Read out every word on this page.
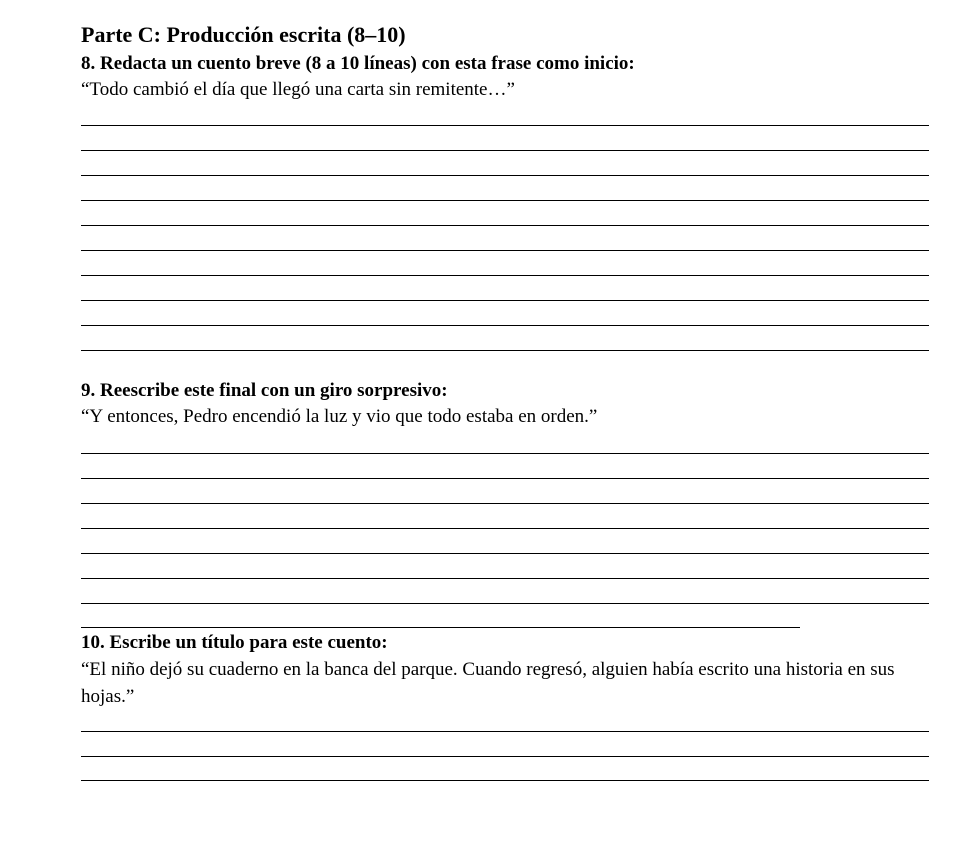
Parte C: Producción escrita (8–10)
8. Redacta un cuento breve (8 a 10 líneas) con esta frase como inicio:
“Todo cambió el día que llegó una carta sin remitente…”
9. Reescribe este final con un giro sorpresivo:
“Y entonces, Pedro encendió la luz y vio que todo estaba en orden.”
10. Escribe un título para este cuento:
“El niño dejó su cuaderno en la banca del parque. Cuando regresó, alguien había escrito una historia en sus hojas.”
